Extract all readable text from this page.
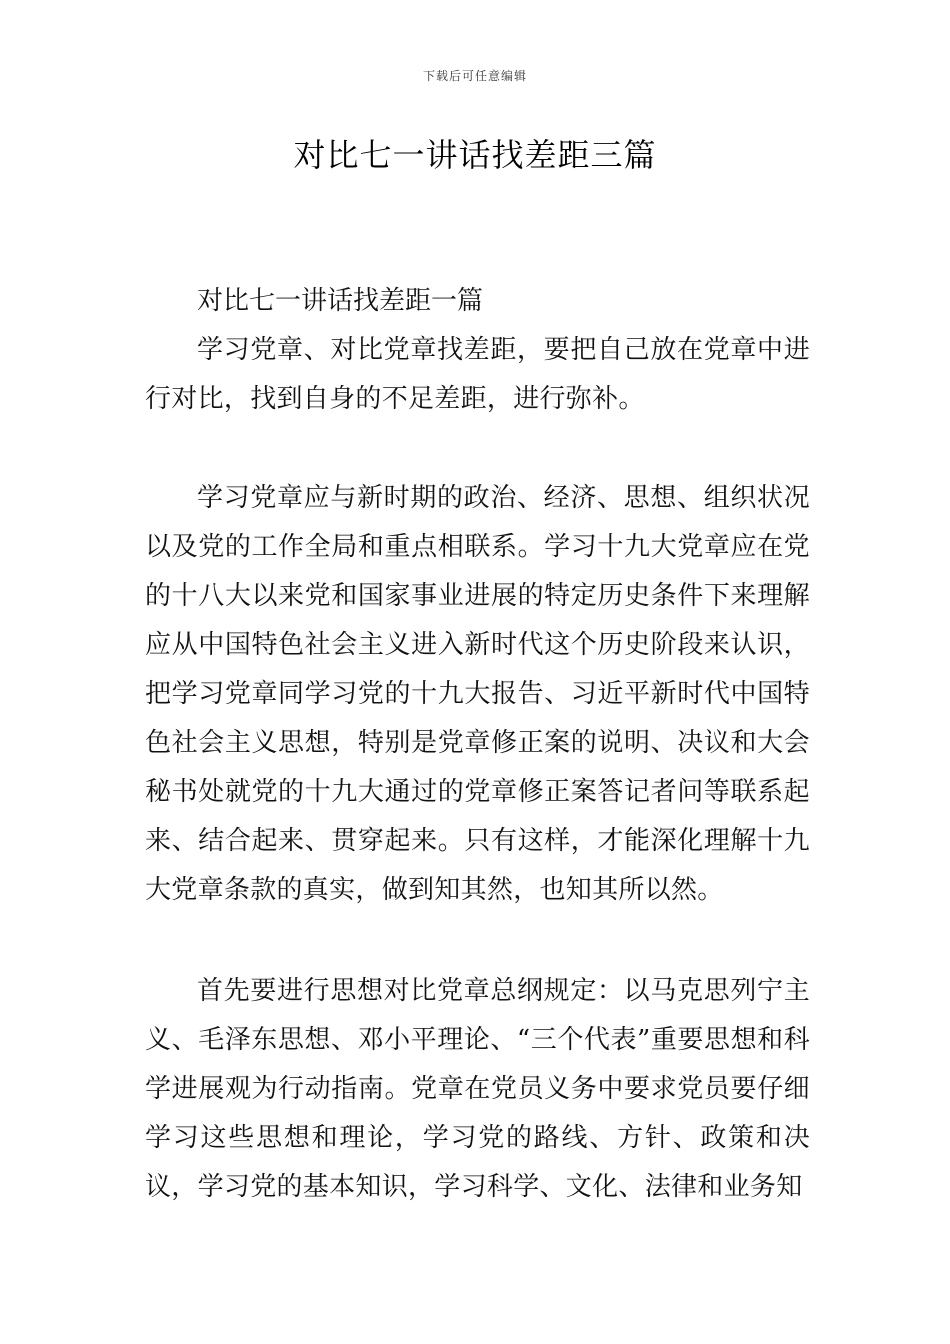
下载后可任意编辑
对比七一讲话找差距三篇
对比七一讲话找差距一篇

学习党章、对比党章找差距，要把自己放在党章中进行对比，找到自身的不足差距，进行弥补。

学习党章应与新时期的政治、经济、思想、组织状况以及党的工作全局和重点相联系。学习十九大党章应在党的十八大以来党和国家事业进展的特定历史条件下来理解应从中国特色社会主义进入新时代这个历史阶段来认识，把学习党章同学习党的十九大报告、习近平新时代中国特色社会主义思想，特别是党章修正案的说明、决议和大会秘书处就党的十九大通过的党章修正案答记者问等联系起来、结合起来、贯穿起来。只有这样，才能深化理解十九大党章条款的真实，做到知其然，也知其所以然。

首先要进行思想对比党章总纲规定：以马克思列宁主义、毛泽东思想、邓小平理论、“三个代表”重要思想和科学进展观为行动指南。党章在党员义务中要求党员要仔细学习这些思想和理论，学习党的路线、方针、政策和决议，学习党的基本知识，学习科学、文化、法律和业务知
